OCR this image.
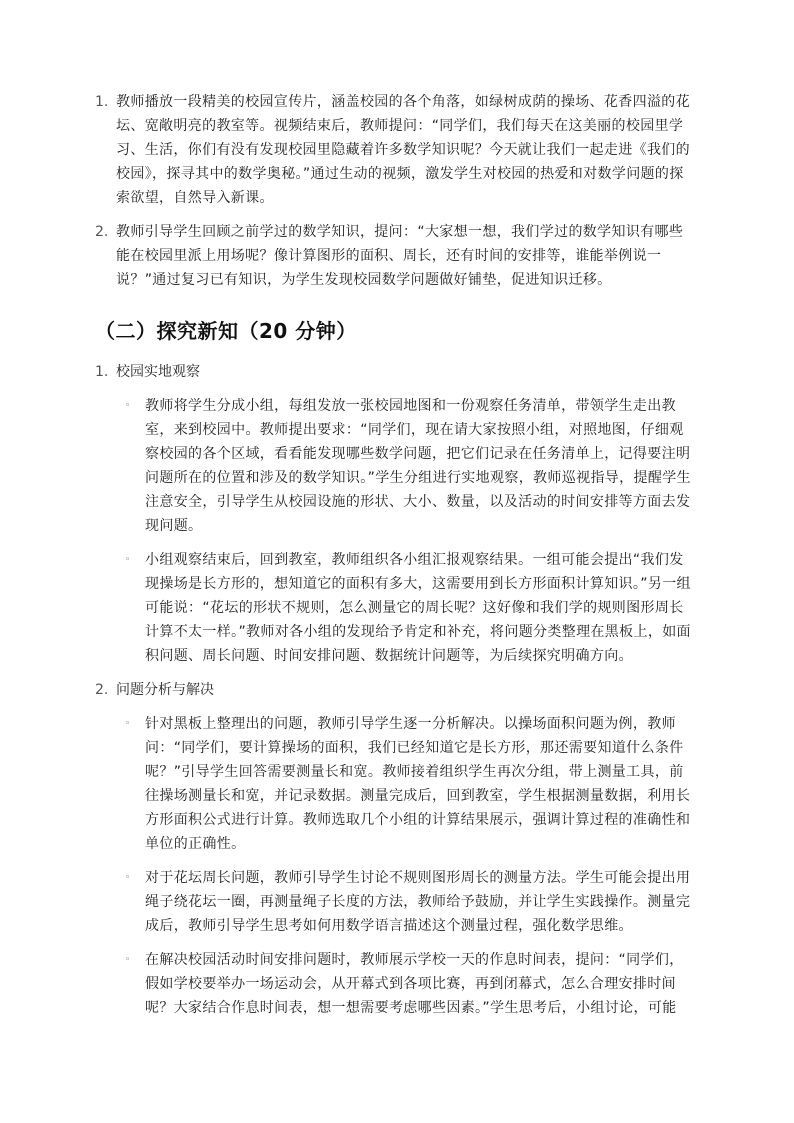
1. 教师播放一段精美的校园宣传片，涵盖校园的各个角落，如绿树成荫的操场、花香四溢的花坛、宽敞明亮的教室等。视频结束后，教师提问：“同学们，我们每天在这美丽的校园里学习、生活，你们有没有发现校园里隐藏着许多数学知识呢？今天就让我们一起走进《我们的校园》，探寻其中的数学奥秘。”通过生动的视频，激发学生对校园的热爱和对数学问题的探索欲望，自然导入新课。

2. 教师引导学生回顾之前学过的数学知识，提问：“大家想一想，我们学过的数学知识有哪些能在校园里派上用场呢？像计算图形的面积、周长，还有时间的安排等，谁能举例说一说？”通过复习已有知识，为学生发现校园数学问题做好铺垫，促进知识迁移。

（二）探究新知（20 分钟）
1. 校园实地观察

◦ 教师将学生分成小组，每组发放一张校园地图和一份观察任务清单，带领学生走出教室，来到校园中。教师提出要求：“同学们，现在请大家按照小组，对照地图，仔细观察校园的各个区域，看看能发现哪些数学问题，把它们记录在任务清单上，记得要注明问题所在的位置和涉及的数学知识。”学生分组进行实地观察，教师巡视指导，提醒学生注意安全，引导学生从校园设施的形状、大小、数量，以及活动的时间安排等方面去发现问题。

◦ 小组观察结束后，回到教室，教师组织各小组汇报观察结果。一组可能会提出“我们发现操场是长方形的，想知道它的面积有多大，这需要用到长方形面积计算知识。”另一组可能说：“花坛的形状不规则，怎么测量它的周长呢？这好像和我们学的规则图形周长计算不太一样。”教师对各小组的发现给予肯定和补充，将问题分类整理在黑板上，如面积问题、周长问题、时间安排问题、数据统计问题等，为后续探究明确方向。

2. 问题分析与解决

◦ 针对黑板上整理出的问题，教师引导学生逐一分析解决。以操场面积问题为例，教师问：“同学们，要计算操场的面积，我们已经知道它是长方形，那还需要知道什么条件呢？”引导学生回答需要测量长和宽。教师接着组织学生再次分组，带上测量工具，前往操场测量长和宽，并记录数据。测量完成后，回到教室，学生根据测量数据，利用长方形面积公式进行计算。教师选取几个小组的计算结果展示，强调计算过程的准确性和单位的正确性。

◦ 对于花坛周长问题，教师引导学生讨论不规则图形周长的测量方法。学生可能会提出用绳子绕花坛一圈，再测量绳子长度的方法，教师给予鼓励，并让学生实践操作。测量完成后，教师引导学生思考如何用数学语言描述这个测量过程，强化数学思维。

◦ 在解决校园活动时间安排问题时，教师展示学校一天的作息时间表，提问：“同学们，假如学校要举办一场运动会，从开幕式到各项比赛，再到闭幕式，怎么合理安排时间呢？大家结合作息时间表，想一想需要考虑哪些因素。”学生思考后，小组讨论，可能
